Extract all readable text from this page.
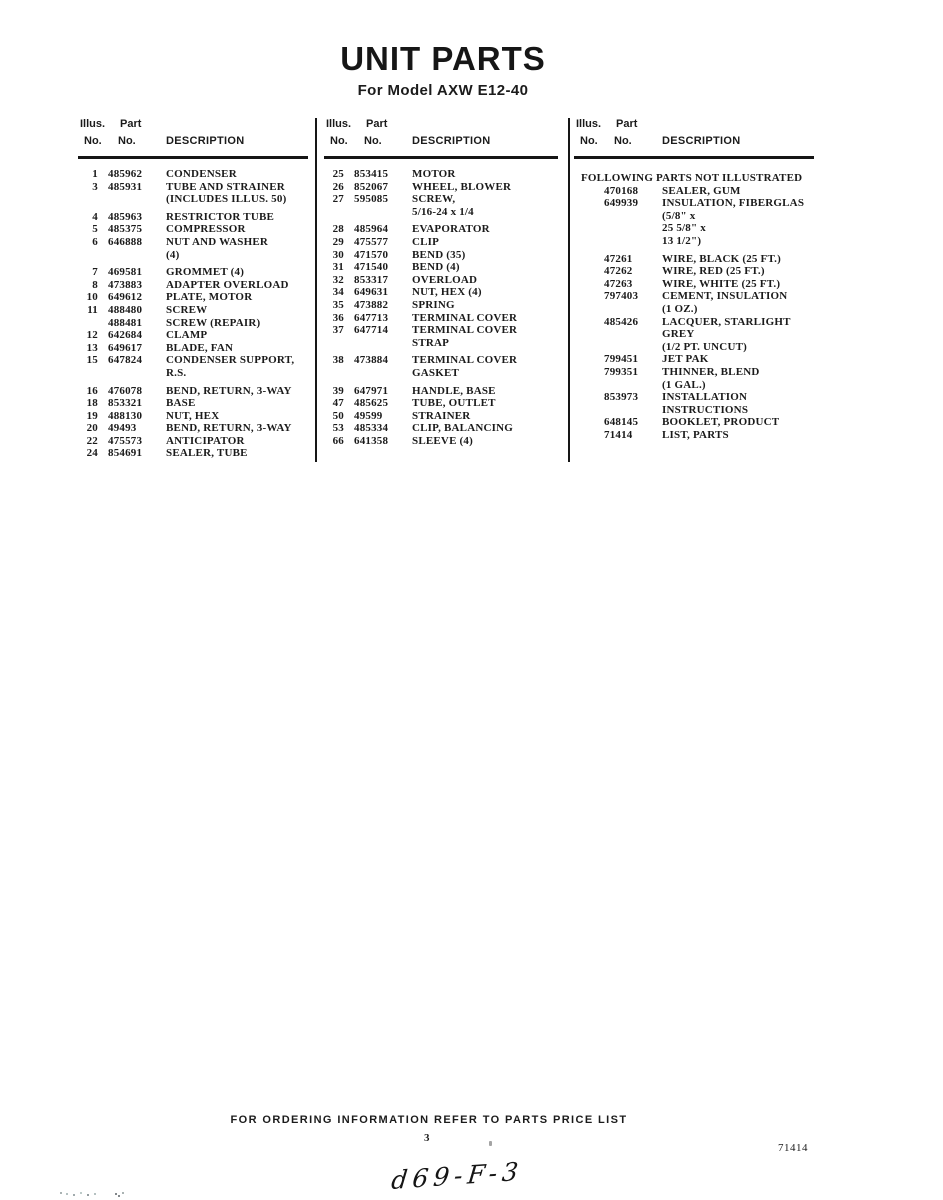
UNIT PARTS
For Model AXW E12-40
Illus. Part
No. No.	DESCRIPTION
1 485962	CONDENSER
3 485931	TUBE AND STRAINER
(INCLUDES ILLUS. 50)
4 485963	RESTRICTOR TUBE
5 485375	COMPRESSOR
6 646888	NUT AND WASHER
(4)
7 469581	GROMMET (4)
8 473883	ADAPTER OVERLOAD
10 649612	PLATE, MOTOR
11 488480	SCREW
488481	SCREW (REPAIR)
12 642684	CLAMP
13 649617	BLADE, FAN
15 647824	CONDENSER SUPPORT,
R.S.
16 476078	BEND, RETURN, 3-WAY
18 853321	BASE
19 488130	NUT, HEX
20 49493	BEND, RETURN, 3-WAY
22 475573	ANTICIPATOR
24 854691	SEALER, TUBE
Illus. Part
No. No.	DESCRIPTION
25 853415	MOTOR
26 852067	WHEEL, BLOWER
27 595085	SCREW,
5/16-24 x 1/4
28 485964	EVAPORATOR
29 475577	CLIP
30 471570	BEND (35)
31 471540	BEND (4)
32 853317	OVERLOAD
34 649631	NUT, HEX (4)
35 473882	SPRING
36 647713	TERMINAL COVER
37 647714	TERMINAL COVER
STRAP
38 473884	TERMINAL COVER
GASKET
39 647971	HANDLE, BASE
47 485625	TUBE, OUTLET
50 49599	STRAINER
53 485334	CLIP, BALANCING
66 641358	SLEEVE (4)
Illus. Part
No. No.	DESCRIPTION
FOLLOWING PARTS NOT ILLUSTRATED
470168	SEALER, GUM
649939	INSULATION, FIBERGLAS
(5/8" x
25 5/8" x
13 1/2")
47261	WIRE, BLACK (25 FT.)
47262	WIRE, RED (25 FT.)
47263	WIRE, WHITE (25 FT.)
797403	CEMENT, INSULATION
(1 OZ.)
485426	LACQUER, STARLIGHT
GREY
(1/2 PT. UNCUT)
799451	JET PAK
799351	THINNER, BLEND
(1 GAL.)
853973	INSTALLATION
INSTRUCTIONS
648145	BOOKLET, PRODUCT
71414	LIST, PARTS
FOR ORDERING INFORMATION REFER TO PARTS PRICE LIST
3
71414
d69-F-3
